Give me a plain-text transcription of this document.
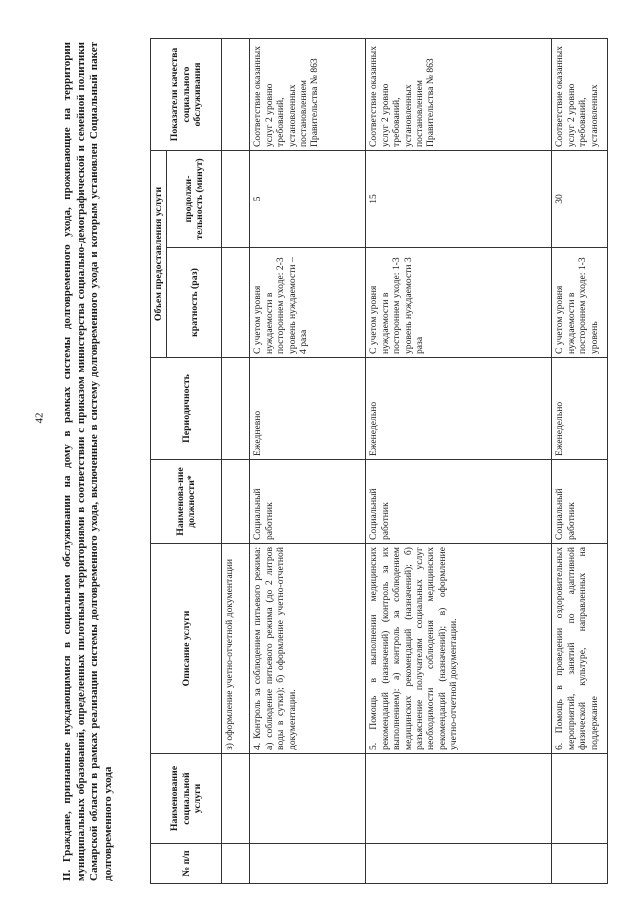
42 II. Граждане, признанные нуждающимися в социальном обслуживании на дому в рамках системы долговременного ухода, проживающие на территории муниципальных образований, определенных пилотными территориями в соответствии с приказом министерства социально-демографической и семейной политики Самарской области в рамках реализации системы долговременного ухода, включенные в систему долговременного ухода и которым установлен Социальный пакет долговременного ухода	№ п/п	Наименование социальной услуги	Описание услуги	Наименова-ние должности*	Периодичность	Объем предоставления услуги		Показатели качества социального обслуживания
					кратность (раз)	продолжи-тельность (минут)	
		з) оформление учетно-отчетной документации					
		4. Контроль за соблюдением питьевого режима: а) соблюдение питьевого режима (до 2 литров воды в сутки); б) оформление учетно-отчетной документации.	Социальный работник	Ежедневно	С учетом уровня нуждаемости в постороннем уходе: 2-3 уровень нуждаемости – 4 раза	5	Соответствие оказанных услуг 2 уровню требований, установленных постановлением Правительства № 863
		5. Помощь в выполнении медицинских рекомендаций (назначений) (контроль за их выполнением): а) контроль за соблюдением медицинских рекомендаций (назначений); б) разъяснение получателям социальных услуг необходимости соблюдения медицинских рекомендаций (назначений); в) оформление учетно-отчетной документации.	Социальный работник	Еженедельно	С учетом уровня нуждаемости в постороннем уходе: 1-3 уровень нуждаемости 3 раза	15	Соответствие оказанных услуг 2 уровню требований, установленных постановлением Правительства № 863
		6. Помощь в проведении оздоровительных мероприятий, занятий по адаптивной физической культуре, направленных на поддержание	Социальный работник	Еженедельно	С учетом уровня нуждаемости в постороннем уходе: 1-3 уровень	30	Соответствие оказанных услуг 2 уровню требований, установленных
